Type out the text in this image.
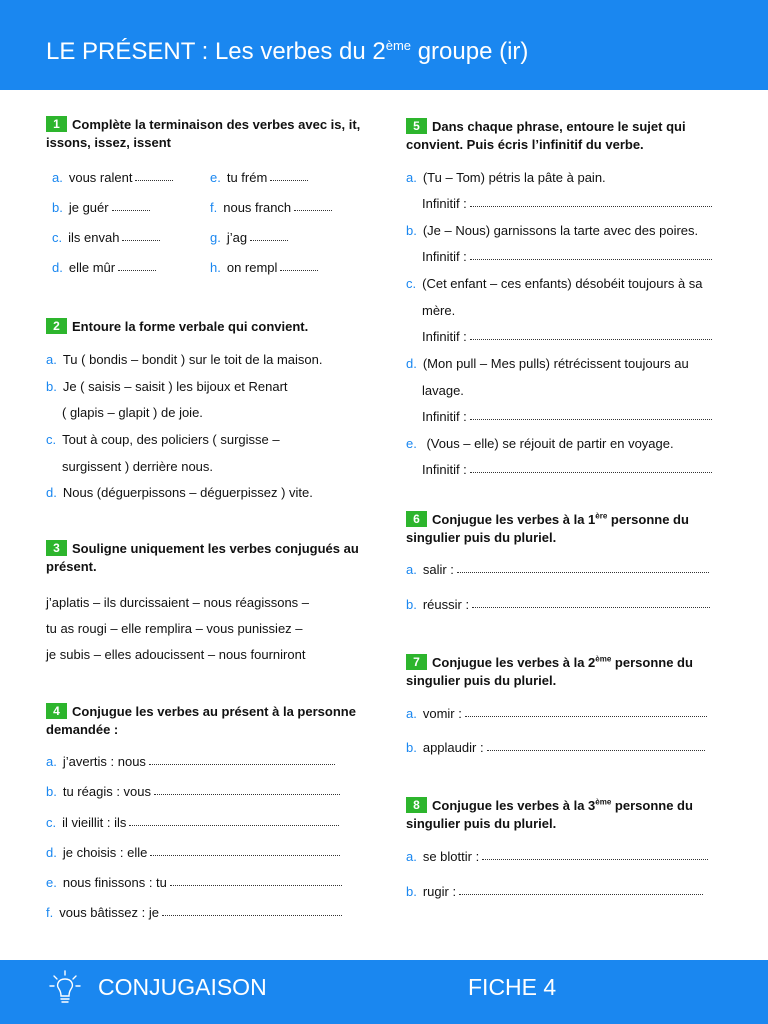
LE PRÉSENT : Les verbes du 2ème groupe (ir)
1 Complète la terminaison des verbes avec is, it, issons, issez, issent
a. vous ralent	e. tu frém
b. je guér	f. nous franch
c. ils envah	g. j’ag
d. elle mûr	h. on rempl
2 Entoure la forme verbale qui convient.
a. Tu ( bondis – bondit ) sur le toit de la maison.
b. Je ( saisis – saisit ) les bijoux et Renart
( glapis – glapit ) de joie.
c. Tout à coup, des policiers ( surgisse –
surgissent ) derrière nous.
d. Nous (déguerpissons – déguerpissez ) vite.
3 Souligne uniquement les verbes conjugués au présent.
j’aplatis – ils durcissaient – nous réagissons –
tu as rougi – elle remplira – vous punissiez –
je subis – elles adoucissent – nous fourniront
4 Conjugue les verbes au présent à la personne demandée :
a. j’avertis : nous
b. tu réagis : vous
c. il vieillit : ils
d. je choisis : elle
e. nous finissons : tu
f. vous bâtissez : je
5 Dans chaque phrase, entoure le sujet qui convient. Puis écris l’infinitif du verbe.
a. (Tu – Tom) pétris la pâte à pain.
Infinitif :
b. (Je – Nous) garnissons la tarte avec des poires.
Infinitif :
c. (Cet enfant – ces enfants) désobéit toujours à sa
mère.
Infinitif :
d. (Mon pull – Mes pulls) rétrécissent toujours au
lavage.
Infinitif :
e. (Vous – elle) se réjouit de partir en voyage.
Infinitif :
6 Conjugue les verbes à la 1ère personne du singulier puis du pluriel.
a. salir :
b. réussir :
7 Conjugue les verbes à la 2ème personne du singulier puis du pluriel.
a. vomir :
b. applaudir :
8 Conjugue les verbes à la 3ème personne du singulier puis du pluriel.
a. se blottir :
b. rugir :
CONJUGAISON	FICHE 4
